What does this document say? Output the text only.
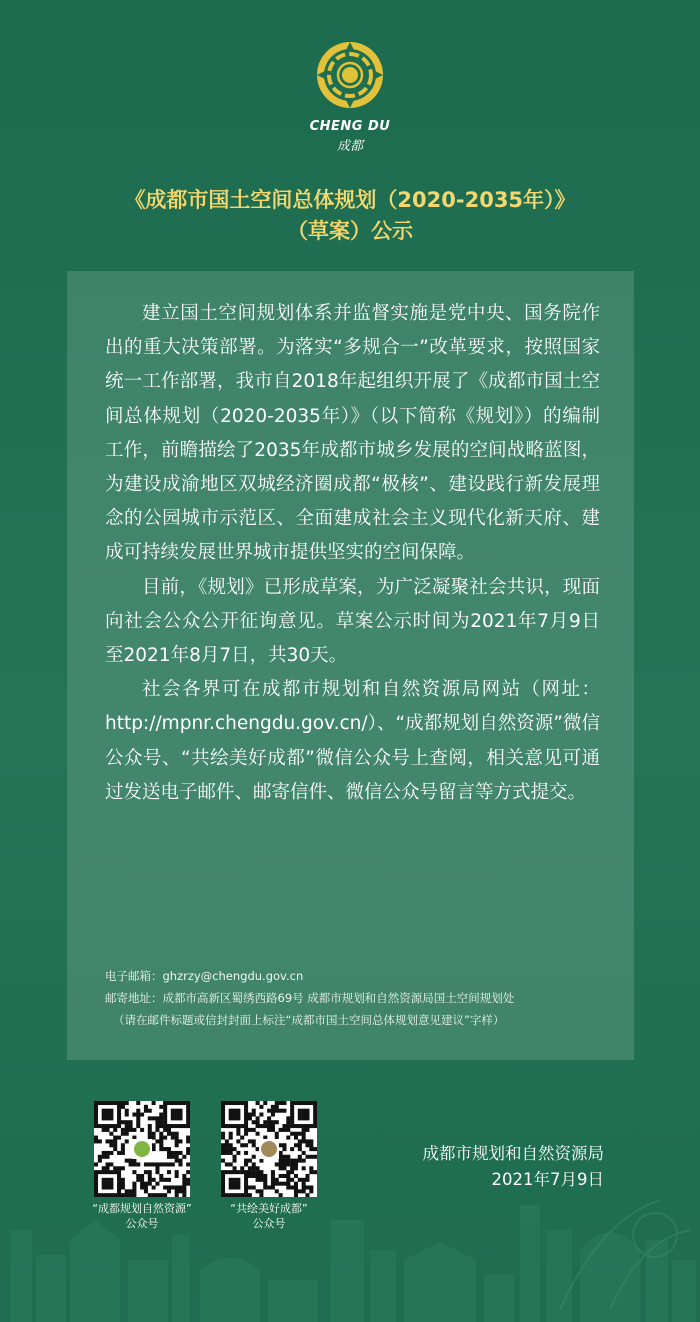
CHENG DU
成都
《成都市国土空间总体规划（2020-2035年）》
（草案）公示

建立国土空间规划体系并监督实施是党中央、国务院作出的重大决策部署。为落实“多规合一”改革要求，按照国家统一工作部署，我市自2018年起组织开展了《成都市国土空间总体规划（2020-2035年）》（以下简称《规划》）的编制工作，前瞻描绘了2035年成都市城乡发展的空间战略蓝图，为建设成渝地区双城经济圈成都“极核”、建设践行新发展理念的公园城市示范区、全面建成社会主义现代化新天府、建成可持续发展世界城市提供坚实的空间保障。

目前，《规划》已形成草案，为广泛凝聚社会共识，现面向社会公众公开征询意见。草案公示时间为2021年7月9日至2021年8月7日，共30天。

社会各界可在成都市规划和自然资源局网站（网址：http://mpnr.chengdu.gov.cn/）、“成都规划自然资源”微信公众号、“共绘美好成都”微信公众号上查阅，相关意见可通过发送电子邮件、邮寄信件、微信公众号留言等方式提交。

电子邮箱：ghzrzy@chengdu.gov.cn
邮寄地址：成都市高新区蜀绣西路69号 成都市规划和自然资源局国土空间规划处
（请在邮件标题或信封封面上标注“成都市国土空间总体规划意见建议”字样）
“成都规划自然资源”
公众号
“共绘美好成都”
公众号
成都市规划和自然资源局
2021年7月9日
